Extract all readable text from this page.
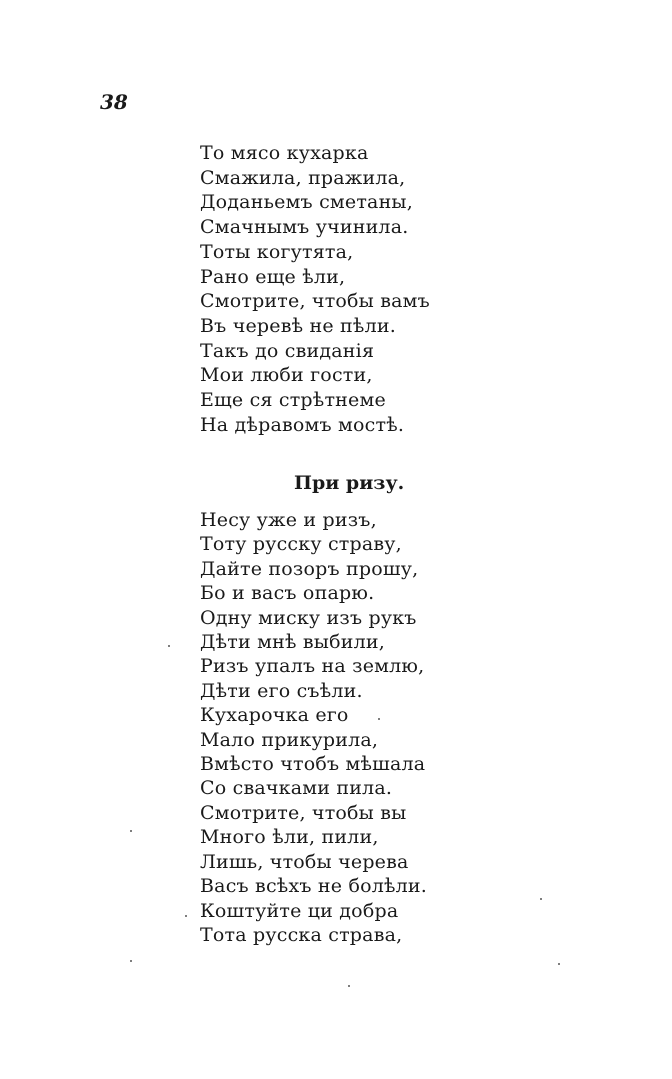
38
То мясо кухарка
Смажила, пражила,
Доданьемъ сметаны,
Смачнымъ учинила.
Тоты когутята,
Рано еще ѣли,
Смотрите, чтобы вамъ
Въ черевѣ не пѣли.
Такъ до свиданія
Мои люби гости,
Еще ся стрѣтнеме
На дѣравомъ мостѣ.
При ризу.
Несу уже и ризъ,
Тоту русску страву,
Дайте позоръ прошу,
Бо и васъ опарю.
Одну миску изъ рукъ
Дѣти мнѣ выбили,
Ризъ упалъ на землю,
Дѣти его съѣли.
Кухарочка его
Мало прикурила,
Вмѣсто чтобъ мѣшала
Со свачками пила.
Смотрите, чтобы вы
Много ѣли, пили,
Лишь, чтобы черева
Васъ всѣхъ не болѣли.
Коштуйте ци добра
Тота русска страва,
